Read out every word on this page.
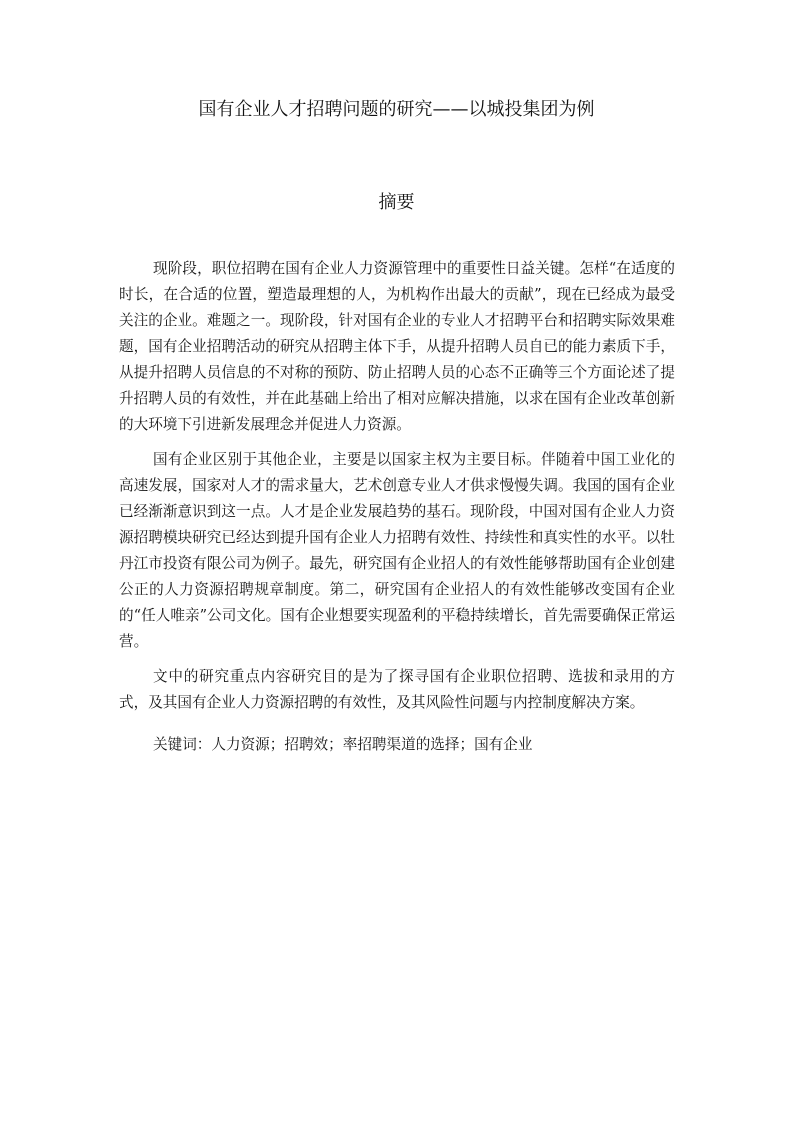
国有企业人才招聘问题的研究——以城投集团为例
摘要

现阶段，职位招聘在国有企业人力资源管理中的重要性日益关键。怎样“在适度的时长，在合适的位置，塑造最理想的人，为机构作出最大的贡献”，现在已经成为最受关注的企业。难题之一。现阶段，针对国有企业的专业人才招聘平台和招聘实际效果难题，国有企业招聘活动的研究从招聘主体下手，从提升招聘人员自已的能力素质下手，从提升招聘人员信息的不对称的预防、防止招聘人员的心态不正确等三个方面论述了提升招聘人员的有效性，并在此基础上给出了相对应解决措施，以求在国有企业改革创新的大环境下引进新发展理念并促进人力资源。

国有企业区别于其他企业，主要是以国家主权为主要目标。伴随着中国工业化的高速发展，国家对人才的需求量大，艺术创意专业人才供求慢慢失调。我国的国有企业已经渐渐意识到这一点。人才是企业发展趋势的基石。现阶段，中国对国有企业人力资源招聘模块研究已经达到提升国有企业人力招聘有效性、持续性和真实性的水平。以牡丹江市投资有限公司为例子。最先，研究国有企业招人的有效性能够帮助国有企业创建公正的人力资源招聘规章制度。第二，研究国有企业招人的有效性能够改变国有企业的“任人唯亲”公司文化。国有企业想要实现盈利的平稳持续增长，首先需要确保正常运营。

文中的研究重点内容研究目的是为了探寻国有企业职位招聘、选拔和录用的方式，及其国有企业人力资源招聘的有效性，及其风险性问题与内控制度解决方案。

关键词：人力资源；招聘效；率招聘渠道的选择；国有企业
